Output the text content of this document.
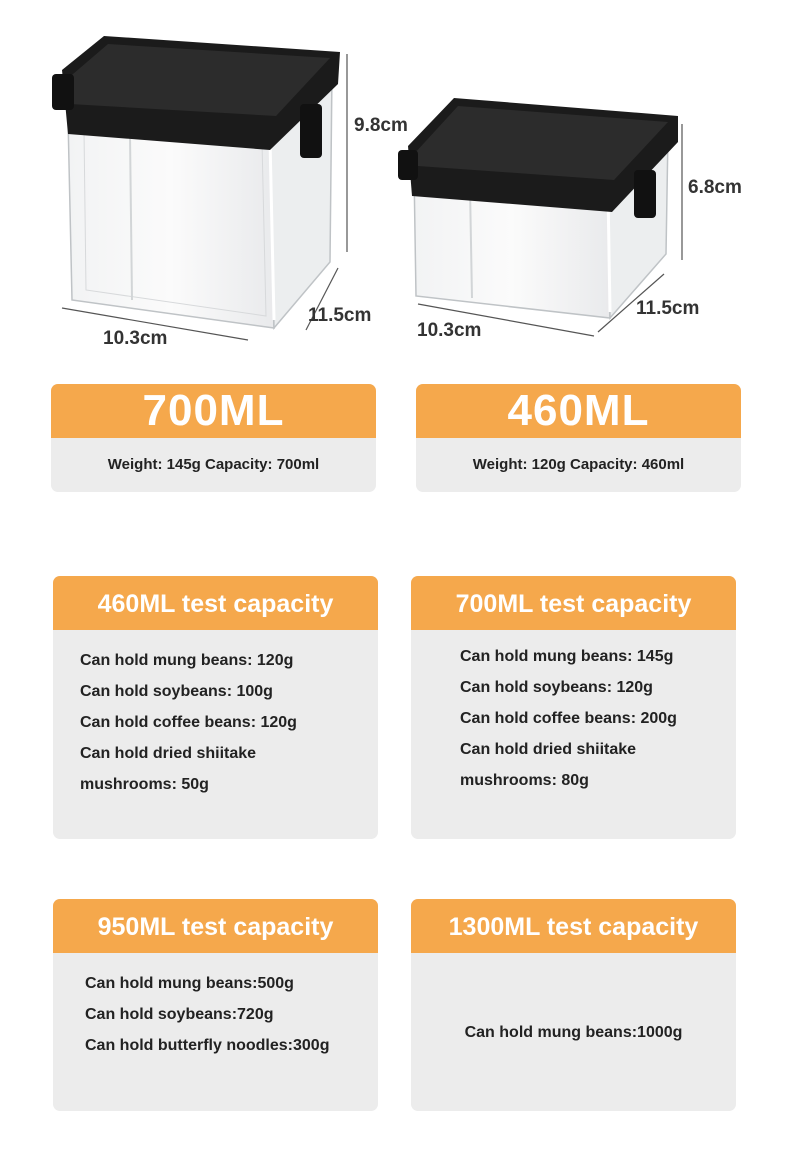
9.8cm
11.5cm
10.3cm
6.8cm
11.5cm
10.3cm
700ML
Weight: 145g Capacity: 700ml
460ML
Weight: 120g Capacity: 460ml
460ML test capacity
Can hold mung beans: 120g
Can hold soybeans: 100g
Can hold coffee beans: 120g
Can hold dried shiitake
mushrooms: 50g
700ML test capacity
Can hold mung beans: 145g
Can hold soybeans: 120g
Can hold coffee beans: 200g
Can hold dried shiitake
mushrooms: 80g
950ML test capacity
Can hold mung beans:500g
Can hold soybeans:720g
Can hold butterfly noodles:300g
1300ML test capacity
Can hold mung beans:1000g
